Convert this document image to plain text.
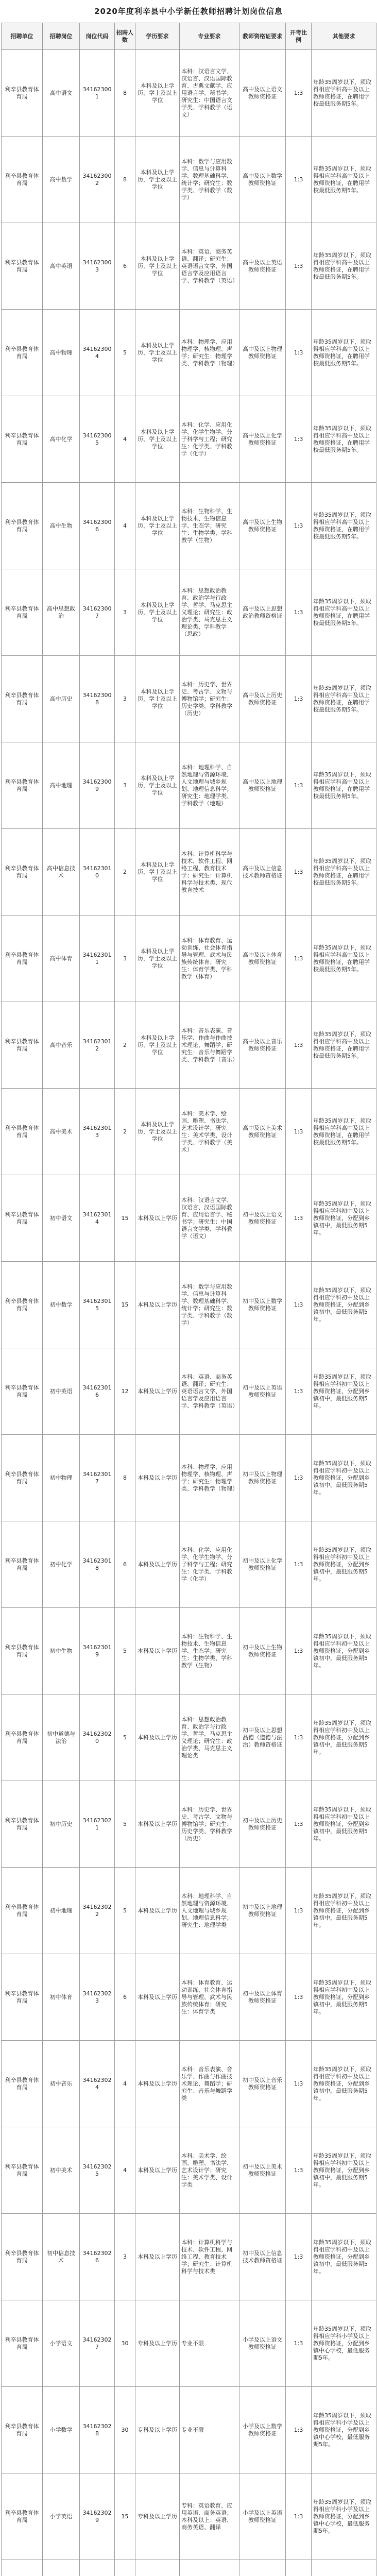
2020年度利辛县中小学新任教师招聘计划岗位信息
招聘单位	招聘岗位	岗位代码	招聘人数	学历要求	专业要求	教师资格证要求	开考比例	其他要求
利辛县教育体育局	高中语文	341623001	8	本科及以上学历，学士及以上学位	本科：汉语言文学、汉语言、汉语国际教育、古典文献学、应用语言学、秘书学；研究生：中国语言文学类、学科教学（语文）	高中及以上语文教师资格证	1:3	年龄35周岁以下，须取得相应学科高中及以上教师资格证，在聘用学校最低服务期5年。
利辛县教育体育局	高中数学	341623002	8	本科及以上学历，学士及以上学位	本科：数学与应用数学、信息与计算科学、数理基础科学、统计学；研究生：数学类、学科教学（数学）	高中及以上数学教师资格证	1:3	年龄35周岁以下，须取得相应学科高中及以上教师资格证，在聘用学校最低服务期5年。
利辛县教育体育局	高中英语	341623003	6	本科及以上学历，学士及以上学位	本科：英语、商务英语、翻译；研究生：英语语言文学、外国语言学及应用语言学、学科教学（英语）	高中及以上英语教师资格证	1:3	年龄35周岁以下，须取得相应学科高中及以上教师资格证，在聘用学校最低服务期5年。
利辛县教育体育局	高中物理	341623004	5	本科及以上学历，学士及以上学位	本科：物理学、应用物理学、核物理、声学；研究生：物理学类、学科教学（物理）	高中及以上物理教师资格证	1:3	年龄35周岁以下，须取得相应学科高中及以上教师资格证，在聘用学校最低服务期5年。
利辛县教育体育局	高中化学	341623005	4	本科及以上学历，学士及以上学位	本科：化学、应用化学、化学生物学、分子科学与工程；研究生：化学类、学科教学（化学）	高中及以上化学教师资格证	1:3	年龄35周岁以下，须取得相应学科高中及以上教师资格证，在聘用学校最低服务期5年。
利辛县教育体育局	高中生物	341623006	4	本科及以上学历，学士及以上学位	本科：生物科学、生物技术、生物信息学、生态学；研究生：生物学类、学科教学（生物）	高中及以上生物教师资格证	1:3	年龄35周岁以下，须取得相应学科高中及以上教师资格证，在聘用学校最低服务期5年。
利辛县教育体育局	高中思想政治	341623007	3	本科及以上学历，学士及以上学位	本科：思想政治教育、政治学与行政学、哲学、马克思主义理论；研究生：政治学类、马克思主义理论类、学科教学（思政）	高中及以上思想政治教师资格证	1:3	年龄35周岁以下，须取得相应学科高中及以上教师资格证，在聘用学校最低服务期5年。
利辛县教育体育局	高中历史	341623008	3	本科及以上学历，学士及以上学位	本科：历史学、世界史、考古学、文物与博物馆学；研究生：历史学类、学科教学（历史）	高中及以上历史教师资格证	1:3	年龄35周岁以下，须取得相应学科高中及以上教师资格证，在聘用学校最低服务期5年。
利辛县教育体育局	高中地理	341623009	3	本科及以上学历，学士及以上学位	本科：地理科学、自然地理与资源环境、人文地理与城乡规划、地理信息科学；研究生：地理学类、学科教学（地理）	高中及以上地理教师资格证	1:3	年龄35周岁以下，须取得相应学科高中及以上教师资格证，在聘用学校最低服务期5年。
利辛县教育体育局	高中信息技术	341623010	2	本科及以上学历，学士及以上学位	本科：计算机科学与技术、软件工程、网络工程、教育技术学；研究生：计算机科学与技术类、现代教育技术	高中及以上信息技术教师资格证	1:3	年龄35周岁以下，须取得相应学科高中及以上教师资格证，在聘用学校最低服务期5年。
利辛县教育体育局	高中体育	341623011	3	本科及以上学历，学士及以上学位	本科：体育教育、运动训练、社会体育指导与管理、武术与民族传统体育；研究生：体育学类、学科教学（体育）	高中及以上体育教师资格证	1:3	年龄35周岁以下，须取得相应学科高中及以上教师资格证，在聘用学校最低服务期5年。
利辛县教育体育局	高中音乐	341623012	2	本科及以上学历，学士及以上学位	本科：音乐表演、音乐学、作曲与作曲技术理论、舞蹈学；研究生：音乐与舞蹈学类、学科教学（音乐）	高中及以上音乐教师资格证	1:3	年龄35周岁以下，须取得相应学科高中及以上教师资格证，在聘用学校最低服务期5年。
利辛县教育体育局	高中美术	341623013	2	本科及以上学历，学士及以上学位	本科：美术学、绘画、雕塑、书法学、艺术设计学；研究生：美术学类、设计学类、学科教学（美术）	高中及以上美术教师资格证	1:3	年龄35周岁以下，须取得相应学科高中及以上教师资格证，在聘用学校最低服务期5年。
利辛县教育体育局	初中语文	341623014	15	本科及以上学历	本科：汉语言文学、汉语言、汉语国际教育、应用语言学、秘书学；研究生：中国语言文学类、学科教学（语文）	初中及以上语文教师资格证	1:3	年龄35周岁以下，须取得相应学科初中及以上教师资格证，分配到乡镇初中，最低服务期5年。
利辛县教育体育局	初中数学	341623015	15	本科及以上学历	本科：数学与应用数学、信息与计算科学、数理基础科学、统计学；研究生：数学类、学科教学（数学）	初中及以上数学教师资格证	1:3	年龄35周岁以下，须取得相应学科初中及以上教师资格证，分配到乡镇初中，最低服务期5年。
利辛县教育体育局	初中英语	341623016	12	本科及以上学历	本科：英语、商务英语、翻译；研究生：英语语言文学、外国语言学及应用语言学、学科教学（英语）	初中及以上英语教师资格证	1:3	年龄35周岁以下，须取得相应学科初中及以上教师资格证，分配到乡镇初中，最低服务期5年。
利辛县教育体育局	初中物理	341623017	8	本科及以上学历	本科：物理学、应用物理学、核物理、声学；研究生：物理学类、学科教学（物理）	初中及以上物理教师资格证	1:3	年龄35周岁以下，须取得相应学科初中及以上教师资格证，分配到乡镇初中，最低服务期5年。
利辛县教育体育局	初中化学	341623018	6	本科及以上学历	本科：化学、应用化学、化学生物学、分子科学与工程；研究生：化学类、学科教学（化学）	初中及以上化学教师资格证	1:3	年龄35周岁以下，须取得相应学科初中及以上教师资格证，分配到乡镇初中，最低服务期5年。
利辛县教育体育局	初中生物	341623019	5	本科及以上学历	本科：生物科学、生物技术、生物信息学、生态学；研究生：生物学类、学科教学（生物）	初中及以上生物教师资格证	1:3	年龄35周岁以下，须取得相应学科初中及以上教师资格证，分配到乡镇初中，最低服务期5年。
利辛县教育体育局	初中道德与法治	341623020	5	本科及以上学历	本科：思想政治教育、政治学与行政学、哲学、马克思主义理论；研究生：政治学类、马克思主义理论类	初中及以上思想品德（道德与法治）教师资格证	1:3	年龄35周岁以下，须取得相应学科初中及以上教师资格证，分配到乡镇初中，最低服务期5年。
利辛县教育体育局	初中历史	341623021	5	本科及以上学历	本科：历史学、世界史、考古学、文物与博物馆学；研究生：历史学类、学科教学（历史）	初中及以上历史教师资格证	1:3	年龄35周岁以下，须取得相应学科初中及以上教师资格证，分配到乡镇初中，最低服务期5年。
利辛县教育体育局	初中地理	341623022	5	本科及以上学历	本科：地理科学、自然地理与资源环境、人文地理与城乡规划、地理信息科学；研究生：地理学类	初中及以上地理教师资格证	1:3	年龄35周岁以下，须取得相应学科初中及以上教师资格证，分配到乡镇初中，最低服务期5年。
利辛县教育体育局	初中体育	341623023	6	本科及以上学历	本科：体育教育、运动训练、社会体育指导与管理、武术与民族传统体育；研究生：体育学类	初中及以上体育教师资格证	1:3	年龄35周岁以下，须取得相应学科初中及以上教师资格证，分配到乡镇初中，最低服务期5年。
利辛县教育体育局	初中音乐	341623024	4	本科及以上学历	本科：音乐表演、音乐学、作曲与作曲技术理论、舞蹈学；研究生：音乐与舞蹈学类	初中及以上音乐教师资格证	1:3	年龄35周岁以下，须取得相应学科初中及以上教师资格证，分配到乡镇初中，最低服务期5年。
利辛县教育体育局	初中美术	341623025	4	本科及以上学历	本科：美术学、绘画、雕塑、书法学、艺术设计学；研究生：美术学类、设计学类	初中及以上美术教师资格证	1:3	年龄35周岁以下，须取得相应学科初中及以上教师资格证，分配到乡镇初中，最低服务期5年。
利辛县教育体育局	初中信息技术	341623026	3	本科及以上学历	本科：计算机科学与技术、软件工程、网络工程、教育技术学；研究生：计算机科学与技术类	初中及以上信息技术教师资格证	1:3	年龄35周岁以下，须取得相应学科初中及以上教师资格证，分配到乡镇初中，最低服务期5年。
利辛县教育体育局	小学语文	341623027	30	专科及以上学历	专业不限	小学及以上语文教师资格证	1:3	年龄35周岁以下，须取得相应学科小学及以上教师资格证，分配到乡镇中心学校，最低服务期5年。
利辛县教育体育局	小学数学	341623028	30	专科及以上学历	专业不限	小学及以上数学教师资格证	1:3	年龄35周岁以下，须取得相应学科小学及以上教师资格证，分配到乡镇中心学校，最低服务期5年。
利辛县教育体育局	小学英语	341623029	15	专科及以上学历	专科：英语教育、应用英语、商务英语；本科及以上：英语、商务英语、翻译	小学及以上英语教师资格证	1:3	年龄35周岁以下，须取得相应学科小学及以上教师资格证，分配到乡镇中心学校，最低服务期5年。
